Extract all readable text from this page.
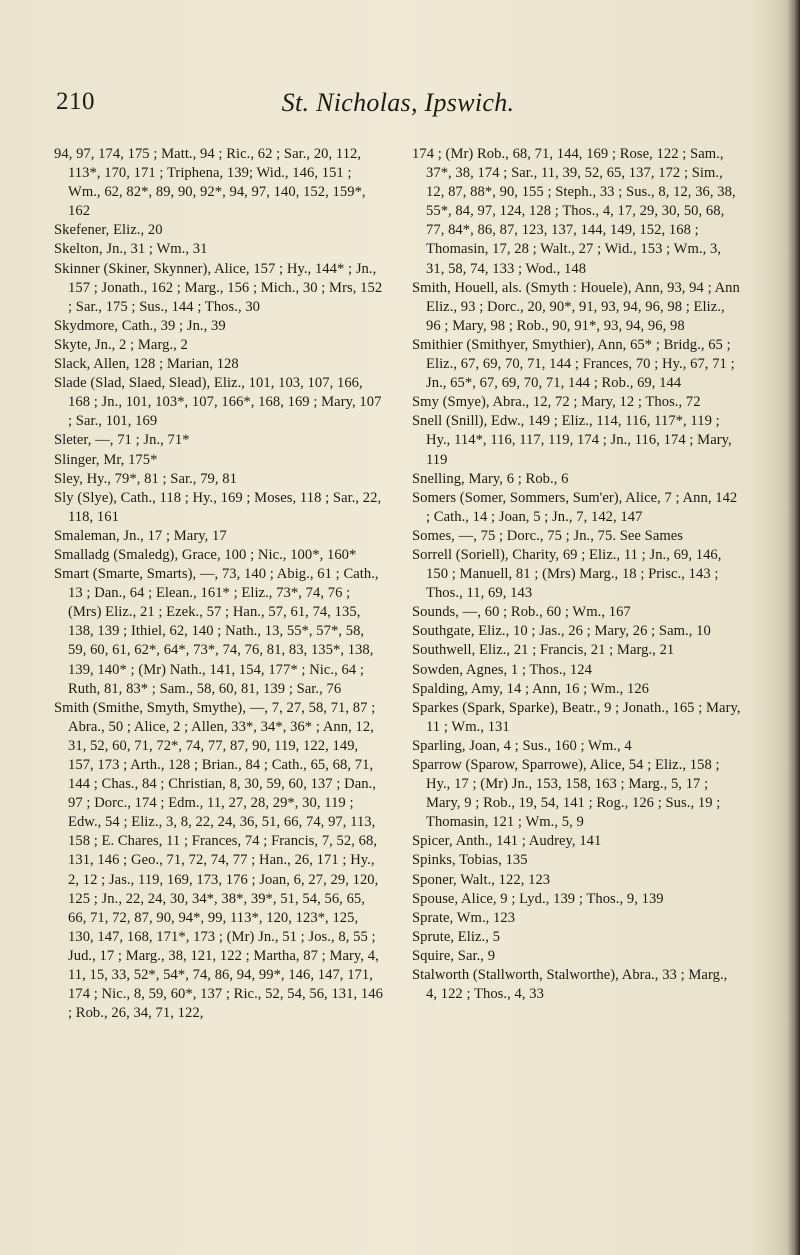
210	St. Nicholas, Ipswich.

94, 97, 174, 175 ; Matt., 94 ; Ric., 62 ; Sar., 20, 112, 113*, 170, 171 ; Triphena, 139; Wid., 146, 151 ; Wm., 62, 82*, 89, 90, 92*, 94, 97, 140, 152, 159*, 162

Skefener, Eliz., 20

Skelton, Jn., 31 ; Wm., 31

Skinner (Skiner, Skynner), Alice, 157 ; Hy., 144* ; Jn., 157 ; Jonath., 162 ; Marg., 156 ; Mich., 30 ; Mrs, 152 ; Sar., 175 ; Sus., 144 ; Thos., 30

Skydmore, Cath., 39 ; Jn., 39

Skyte, Jn., 2 ; Marg., 2

Slack, Allen, 128 ; Marian, 128

Slade (Slad, Slaed, Slead), Eliz., 101, 103, 107, 166, 168 ; Jn., 101, 103*, 107, 166*, 168, 169 ; Mary, 107 ; Sar., 101, 169

Sleter, —, 71 ; Jn., 71*

Slinger, Mr, 175*

Sley, Hy., 79*, 81 ; Sar., 79, 81

Sly (Slye), Cath., 118 ; Hy., 169 ; Moses, 118 ; Sar., 22, 118, 161

Smaleman, Jn., 17 ; Mary, 17

Smalladg (Smaledg), Grace, 100 ; Nic., 100*, 160*

Smart (Smarte, Smarts), —, 73, 140 ; Abig., 61 ; Cath., 13 ; Dan., 64 ; Elean., 161* ; Eliz., 73*, 74, 76 ; (Mrs) Eliz., 21 ; Ezek., 57 ; Han., 57, 61, 74, 135, 138, 139 ; Ithiel, 62, 140 ; Nath., 13, 55*, 57*, 58, 59, 60, 61, 62*, 64*, 73*, 74, 76, 81, 83, 135*, 138, 139, 140* ; (Mr) Nath., 141, 154, 177* ; Nic., 64 ; Ruth, 81, 83* ; Sam., 58, 60, 81, 139 ; Sar., 76

Smith (Smithe, Smyth, Smythe), —, 7, 27, 58, 71, 87 ; Abra., 50 ; Alice, 2 ; Allen, 33*, 34*, 36* ; Ann, 12, 31, 52, 60, 71, 72*, 74, 77, 87, 90, 119, 122, 149, 157, 173 ; Arth., 128 ; Brian., 84 ; Cath., 65, 68, 71, 144 ; Chas., 84 ; Christian, 8, 30, 59, 60, 137 ; Dan., 97 ; Dorc., 174 ; Edm., 11, 27, 28, 29*, 30, 119 ; Edw., 54 ; Eliz., 3, 8, 22, 24, 36, 51, 66, 74, 97, 113, 158 ; E. Chares, 11 ; Frances, 74 ; Francis, 7, 52, 68, 131, 146 ; Geo., 71, 72, 74, 77 ; Han., 26, 171 ; Hy., 2, 12 ; Jas., 119, 169, 173, 176 ; Joan, 6, 27, 29, 120, 125 ; Jn., 22, 24, 30, 34*, 38*, 39*, 51, 54, 56, 65, 66, 71, 72, 87, 90, 94*, 99, 113*, 120, 123*, 125, 130, 147, 168, 171*, 173 ; (Mr) Jn., 51 ; Jos., 8, 55 ; Jud., 17 ; Marg., 38, 121, 122 ; Martha, 87 ; Mary, 4, 11, 15, 33, 52*, 54*, 74, 86, 94, 99*, 146, 147, 171, 174 ; Nic., 8, 59, 60*, 137 ; Ric., 52, 54, 56, 131, 146 ; Rob., 26, 34, 71, 122,

174 ; (Mr) Rob., 68, 71, 144, 169 ; Rose, 122 ; Sam., 37*, 38, 174 ; Sar., 11, 39, 52, 65, 137, 172 ; Sim., 12, 87, 88*, 90, 155 ; Steph., 33 ; Sus., 8, 12, 36, 38, 55*, 84, 97, 124, 128 ; Thos., 4, 17, 29, 30, 50, 68, 77, 84*, 86, 87, 123, 137, 144, 149, 152, 168 ; Thomasin, 17, 28 ; Walt., 27 ; Wid., 153 ; Wm., 3, 31, 58, 74, 133 ; Wod., 148

Smith, Houell, als. (Smyth : Houele), Ann, 93, 94 ; Ann Eliz., 93 ; Dorc., 20, 90*, 91, 93, 94, 96, 98 ; Eliz., 96 ; Mary, 98 ; Rob., 90, 91*, 93, 94, 96, 98

Smithier (Smithyer, Smythier), Ann, 65* ; Bridg., 65 ; Eliz., 67, 69, 70, 71, 144 ; Frances, 70 ; Hy., 67, 71 ; Jn., 65*, 67, 69, 70, 71, 144 ; Rob., 69, 144

Smy (Smye), Abra., 12, 72 ; Mary, 12 ; Thos., 72

Snell (Snill), Edw., 149 ; Eliz., 114, 116, 117*, 119 ; Hy., 114*, 116, 117, 119, 174 ; Jn., 116, 174 ; Mary, 119

Snelling, Mary, 6 ; Rob., 6

Somers (Somer, Sommers, Sum'er), Alice, 7 ; Ann, 142 ; Cath., 14 ; Joan, 5 ; Jn., 7, 142, 147

Somes, —, 75 ; Dorc., 75 ; Jn., 75. See Sames

Sorrell (Soriell), Charity, 69 ; Eliz., 11 ; Jn., 69, 146, 150 ; Manuell, 81 ; (Mrs) Marg., 18 ; Prisc., 143 ; Thos., 11, 69, 143

Sounds, —, 60 ; Rob., 60 ; Wm., 167

Southgate, Eliz., 10 ; Jas., 26 ; Mary, 26 ; Sam., 10

Southwell, Eliz., 21 ; Francis, 21 ; Marg., 21

Sowden, Agnes, 1 ; Thos., 124

Spalding, Amy, 14 ; Ann, 16 ; Wm., 126

Sparkes (Spark, Sparke), Beatr., 9 ; Jonath., 165 ; Mary, 11 ; Wm., 131

Sparling, Joan, 4 ; Sus., 160 ; Wm., 4

Sparrow (Sparow, Sparrowe), Alice, 54 ; Eliz., 158 ; Hy., 17 ; (Mr) Jn., 153, 158, 163 ; Marg., 5, 17 ; Mary, 9 ; Rob., 19, 54, 141 ; Rog., 126 ; Sus., 19 ; Thomasin, 121 ; Wm., 5, 9

Spicer, Anth., 141 ; Audrey, 141

Spinks, Tobias, 135

Sponer, Walt., 122, 123

Spouse, Alice, 9 ; Lyd., 139 ; Thos., 9, 139

Sprate, Wm., 123

Sprute, Eliz., 5

Squire, Sar., 9

Stalworth (Stallworth, Stalworthe), Abra., 33 ; Marg., 4, 122 ; Thos., 4, 33
